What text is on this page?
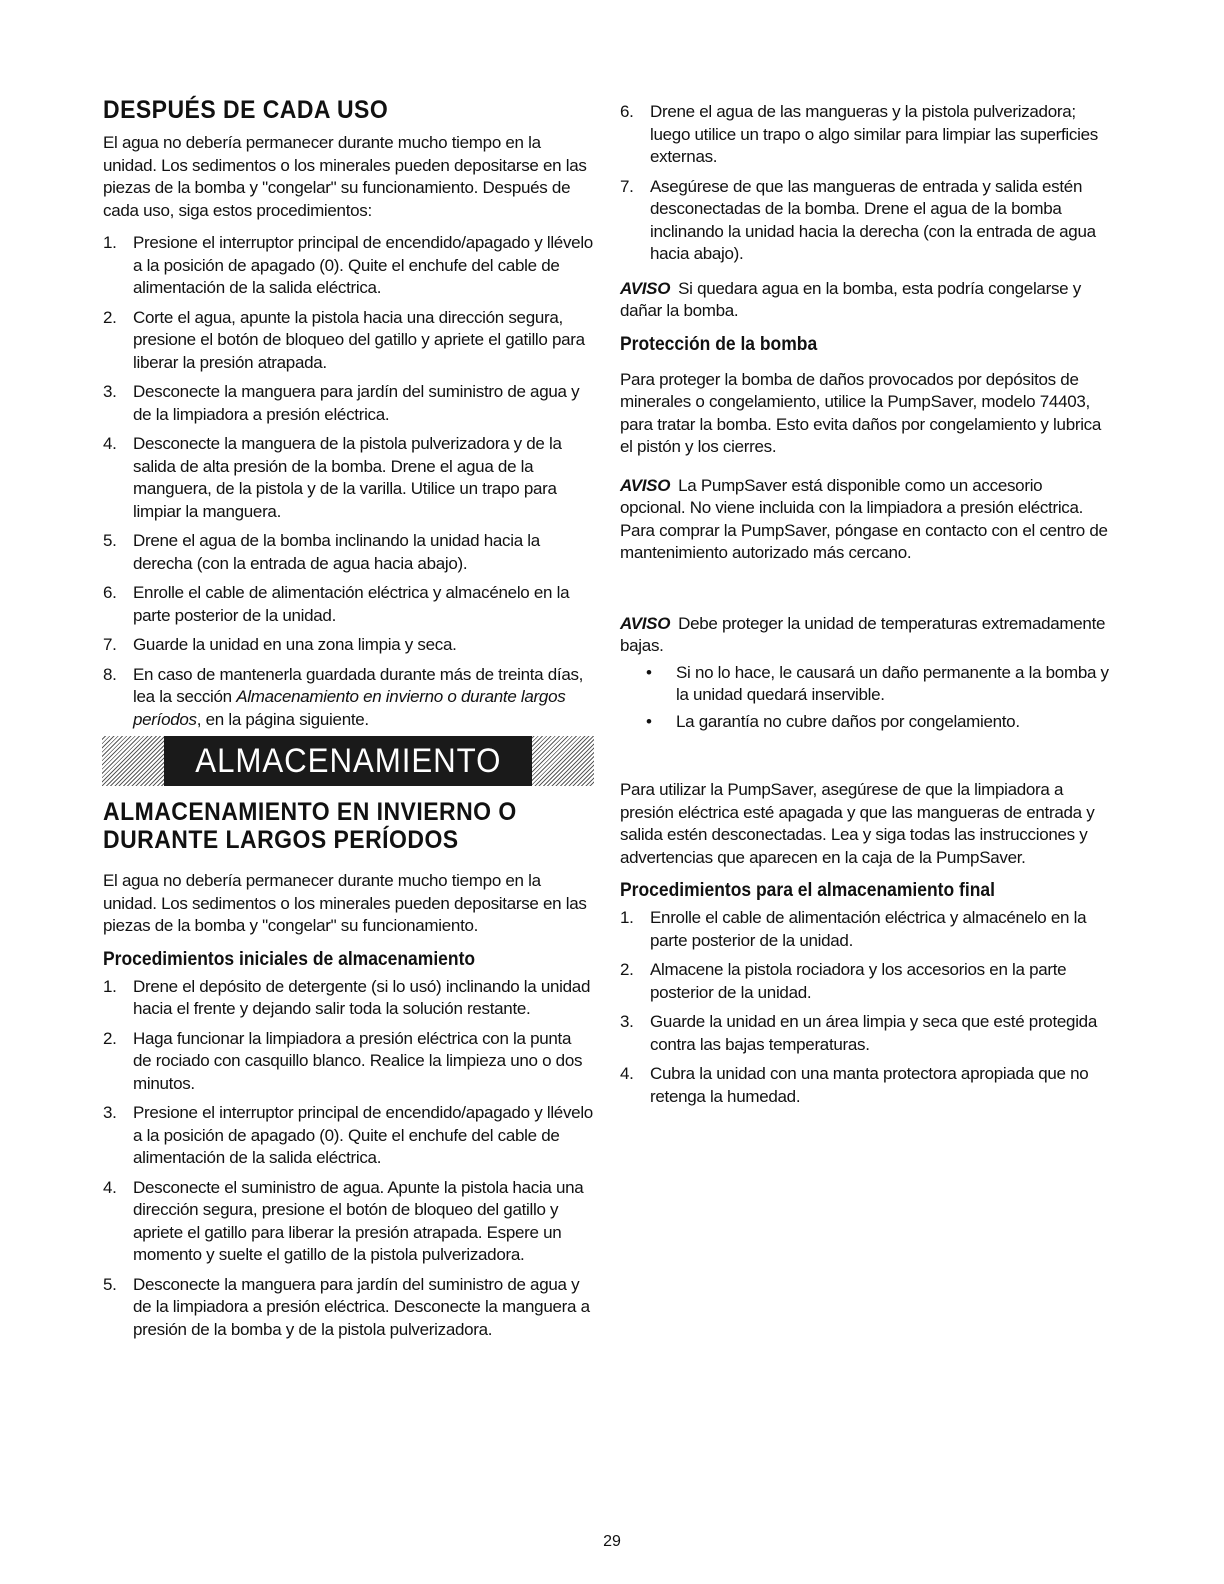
DESPUÉS DE CADA USO

El agua no debería permanecer durante mucho tiempo en la unidad. Los sedimentos o los minerales pueden depositarse en las piezas de la bomba y "congelar" su funcionamiento. Después de cada uso, siga estos procedimientos:

1. Presione el interruptor principal de encendido/apagado y llévelo a la posición de apagado (0). Quite el enchufe del cable de alimentación de la salida eléctrica.
2. Corte el agua, apunte la pistola hacia una dirección segura, presione el botón de bloqueo del gatillo y apriete el gatillo para liberar la presión atrapada.
3. Desconecte la manguera para jardín del suministro de agua y de la limpiadora a presión eléctrica.
4. Desconecte la manguera de la pistola pulverizadora y de la salida de alta presión de la bomba. Drene el agua de la manguera, de la pistola y de la varilla. Utilice un trapo para limpiar la manguera.
5. Drene el agua de la bomba inclinando la unidad hacia la derecha (con la entrada de agua hacia abajo).
6. Enrolle el cable de alimentación eléctrica y almacénelo en la parte posterior de la unidad.
7. Guarde la unidad en una zona limpia y seca.
8. En caso de mantenerla guardada durante más de treinta días, lea la sección Almacenamiento en invierno o durante largos períodos, en la página siguiente.
ALMACENAMIENTO
ALMACENAMIENTO EN INVIERNO O
DURANTE LARGOS PERÍODOS

El agua no debería permanecer durante mucho tiempo en la unidad. Los sedimentos o los minerales pueden depositarse en las piezas de la bomba y "congelar" su funcionamiento.

Procedimientos iniciales de almacenamiento
1. Drene el depósito de detergente (si lo usó) inclinando la unidad hacia el frente y dejando salir toda la solución restante.
2. Haga funcionar la limpiadora a presión eléctrica con la punta de rociado con casquillo blanco. Realice la limpieza uno o dos minutos.
3. Presione el interruptor principal de encendido/apagado y llévelo a la posición de apagado (0). Quite el enchufe del cable de alimentación de la salida eléctrica.
4. Desconecte el suministro de agua. Apunte la pistola hacia una dirección segura, presione el botón de bloqueo del gatillo y apriete el gatillo para liberar la presión atrapada. Espere un momento y suelte el gatillo de la pistola pulverizadora.
5. Desconecte la manguera para jardín del suministro de agua y de la limpiadora a presión eléctrica. Desconecte la manguera a presión de la bomba y de la pistola pulverizadora.
6. Drene el agua de las mangueras y la pistola pulverizadora; luego utilice un trapo o algo similar para limpiar las superficies externas.
7. Asegúrese de que las mangueras de entrada y salida estén desconectadas de la bomba. Drene el agua de la bomba inclinando la unidad hacia la derecha (con la entrada de agua hacia abajo).

AVISO Si quedara agua en la bomba, esta podría congelarse y dañar la bomba.

Protección de la bomba

Para proteger la bomba de daños provocados por depósitos de minerales o congelamiento, utilice la PumpSaver, modelo 74403, para tratar la bomba. Esto evita daños por congelamiento y lubrica el pistón y los cierres.

AVISO La PumpSaver está disponible como un accesorio opcional. No viene incluida con la limpiadora a presión eléctrica. Para comprar la PumpSaver, póngase en contacto con el centro de mantenimiento autorizado más cercano.

AVISO Debe proteger la unidad de temperaturas extremadamente bajas.

• Si no lo hace, le causará un daño permanente a la bomba y la unidad quedará inservible.
• La garantía no cubre daños por congelamiento.

Para utilizar la PumpSaver, asegúrese de que la limpiadora a presión eléctrica esté apagada y que las mangueras de entrada y salida estén desconectadas. Lea y siga todas las instrucciones y advertencias que aparecen en la caja de la PumpSaver.

Procedimientos para el almacenamiento final
1. Enrolle el cable de alimentación eléctrica y almacénelo en la parte posterior de la unidad.
2. Almacene la pistola rociadora y los accesorios en la parte posterior de la unidad.
3. Guarde la unidad en un área limpia y seca que esté protegida contra las bajas temperaturas.
4. Cubra la unidad con una manta protectora apropiada que no retenga la humedad.
29
